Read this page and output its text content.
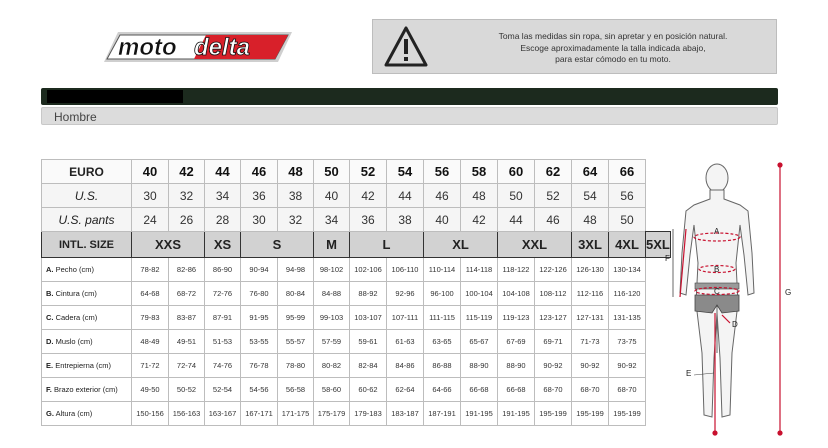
moto delta	Toma las medidas sin ropa, sin apretar y en posición natural.
Escoge aproximadamente la talla indicada abajo,
para estar cómodo en tu moto.
Hombre
EURO	40	42	44	46	48	50	52	54	56	58	60	62	64	66	
U.S.	30	32	34	36	38	40	42	44	46	48	50	52	54	56	
U.S. pants	24	26	28	30	32	34	36	38	40	42	44	46	48	50	
INTL. SIZE	XXS		XS	S		M	L		XL		XXL		3XL	4XL	5XL
A. Pecho (cm)	78-82	82-86	86-90	90-94	94-98	98-102	102-106	106-110	110-114	114-118	118-122	122-126	126-130	130-134	
B. Cintura (cm)	64-68	68-72	72-76	76-80	80-84	84-88	88-92	92-96	96-100	100-104	104-108	108-112	112-116	116-120	
C. Cadera (cm)	79-83	83-87	87-91	91-95	95-99	99-103	103-107	107-111	111-115	115-119	119-123	123-127	127-131	131-135	
D. Muslo (cm)	48-49	49-51	51-53	53-55	55-57	57-59	59-61	61-63	63-65	65-67	67-69	69-71	71-73	73-75	
E. Entrepierna (cm)	71-72	72-74	74-76	76-78	78-80	80-82	82-84	84-86	86-88	88-90	88-90	90-92	90-92	90-92	
F. Brazo exterior (cm)	49-50	50-52	52-54	54-56	56-58	58-60	60-62	62-64	64-66	66-68	66-68	68-70	68-70	68-70	
G. Altura (cm)	150-156	156-163	163-167	167-171	171-175	175-179	179-183	183-187	187-191	191-195	191-195	195-199	195-199	195-199	
A
B
C
D
E
F
G
